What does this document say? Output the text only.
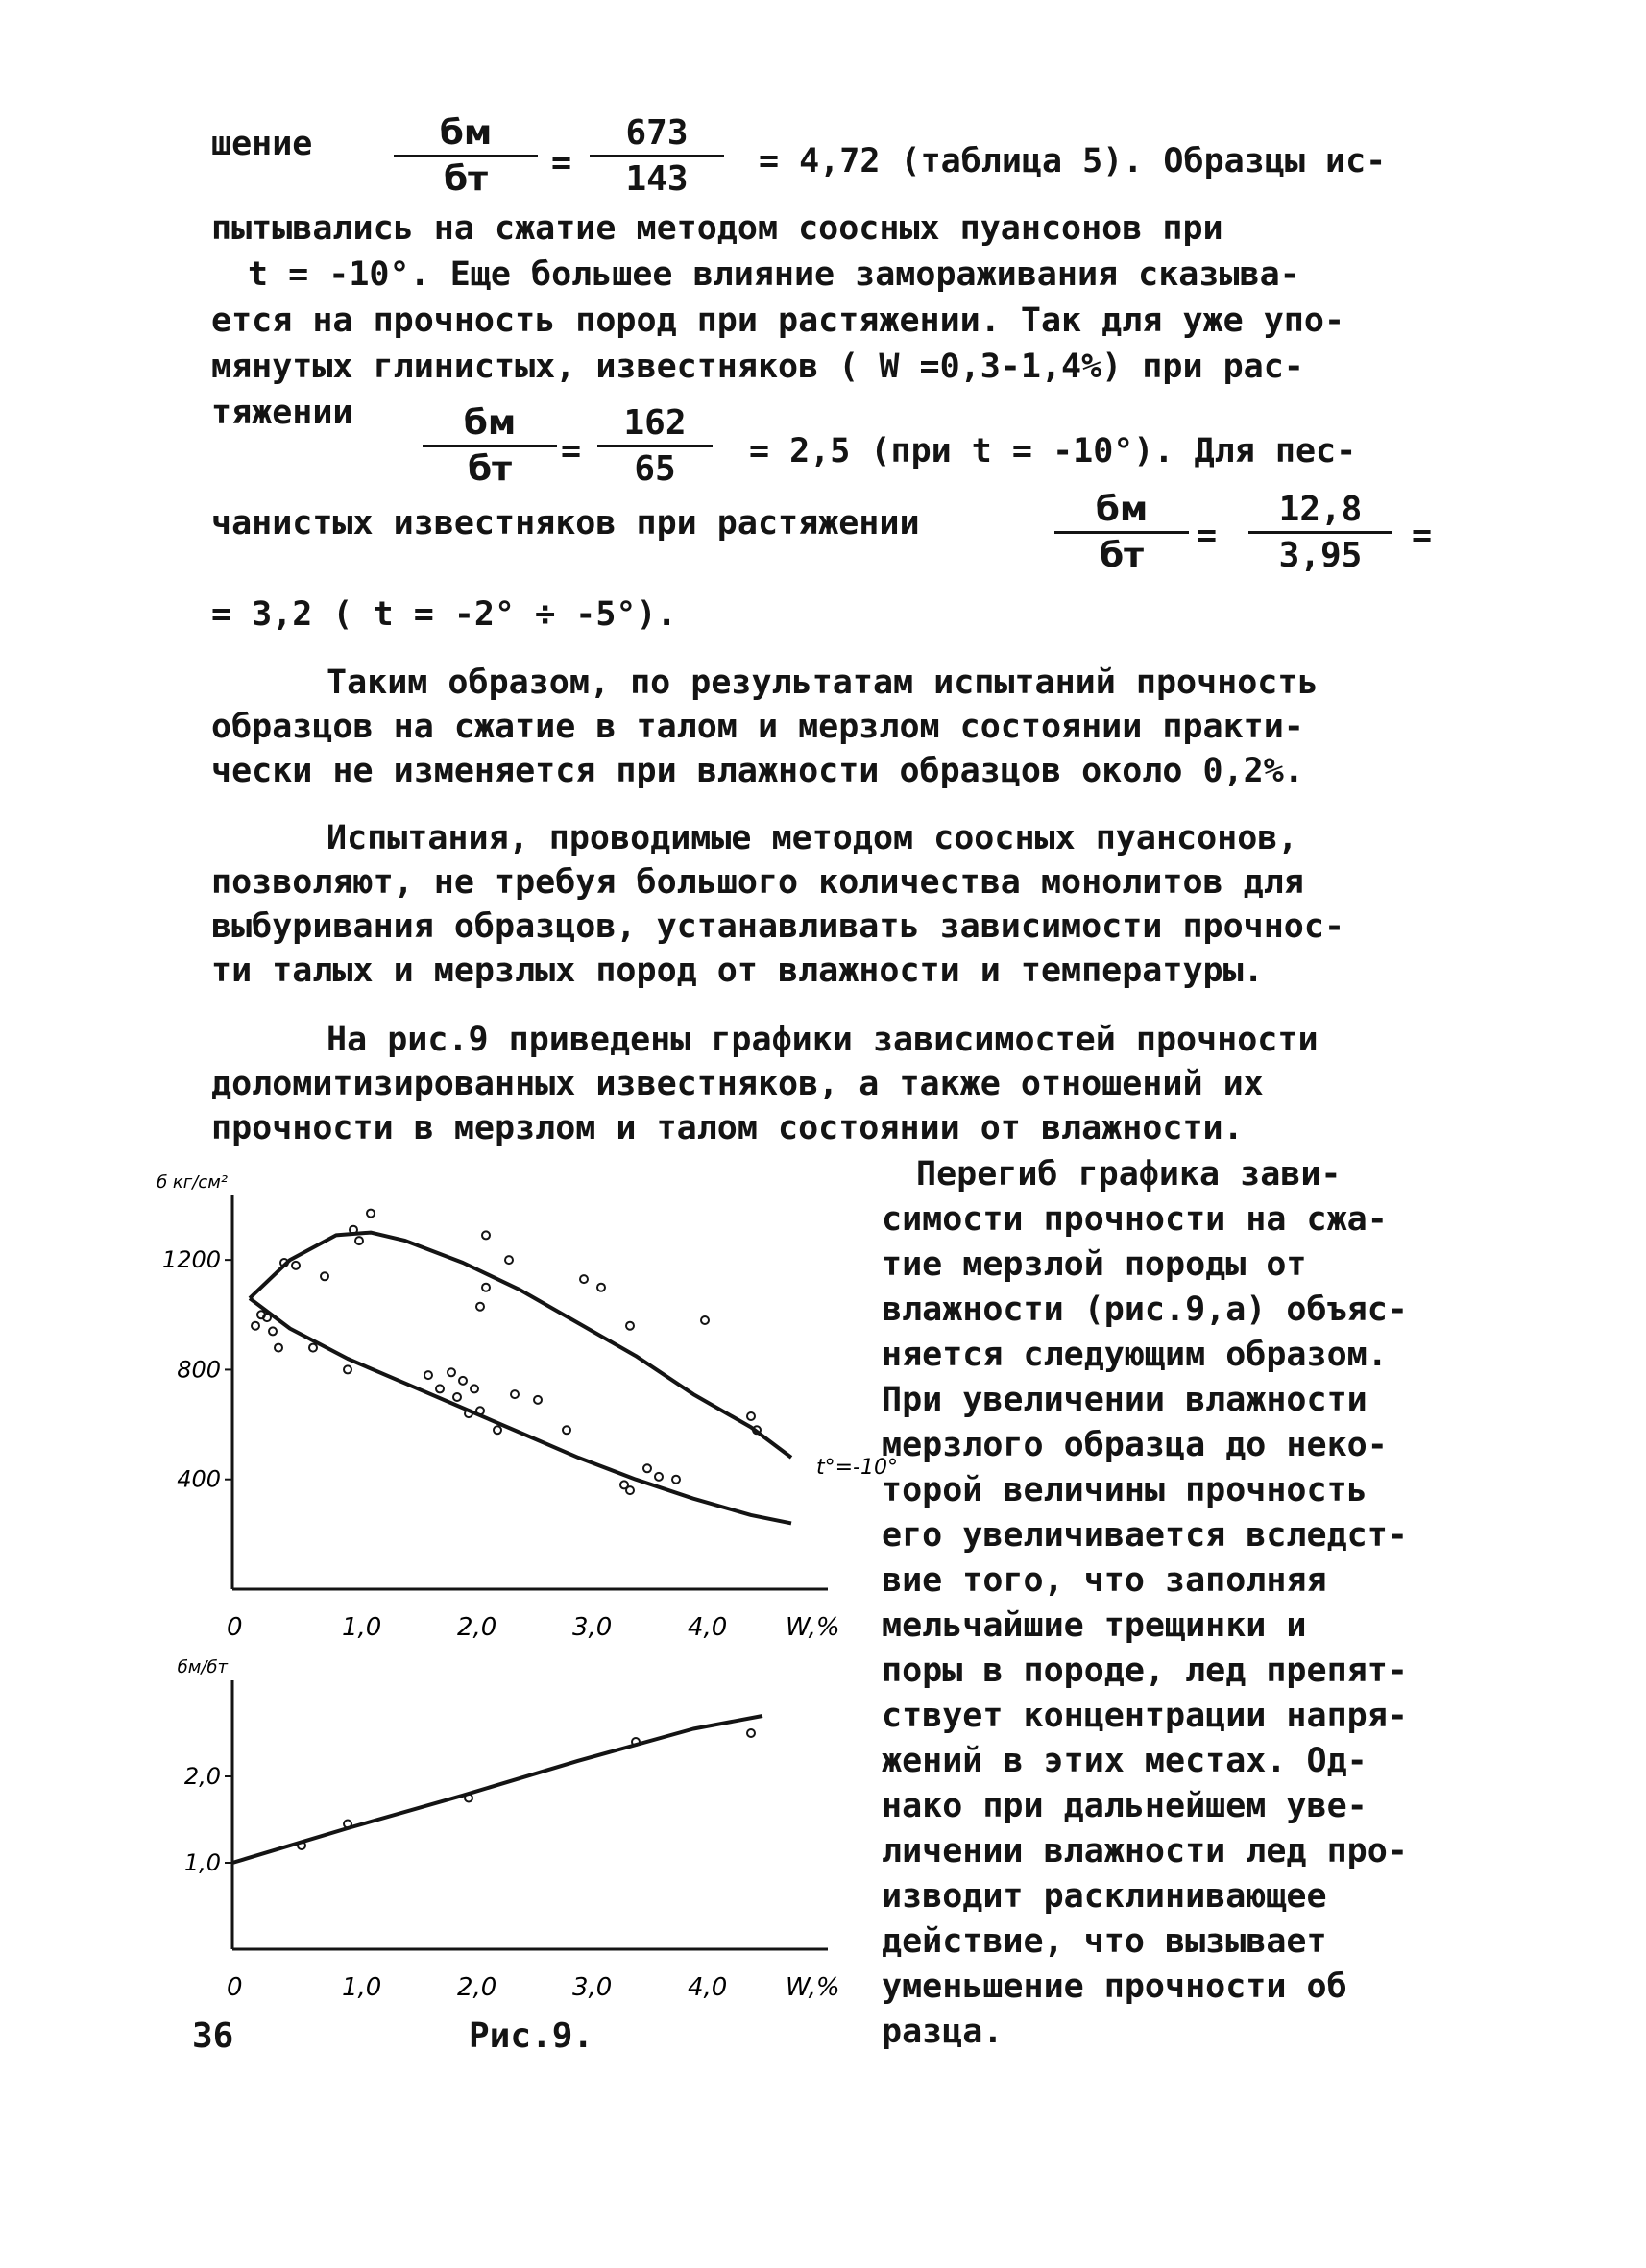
шение	бм
бт	= $\frac{673}{143} = 4,72$ (таблица 5). Образцы ис-
пытывались на сжатие методом соосных пуансонов при
t = -10°. Еще большее влияние замораживания сказыва-
ется на прочность пород при растяжении. Так для уже упо-
мянутых глинистых, известняков ( W =0,3-1,4%) при рас-
тяжении	бм
бт	= $\frac{162}{65} = 2,5$ (при t = -10°). Для пес-
чанистых известняков при растяжении	бм
бт	= $\frac{12,8}{3,95}$ =
= 3,2 ( t = -2° ÷ -5°).
Таким образом, по результатам испытаний прочность
образцов на сжатие в талом и мерзлом состоянии практи-
чески не изменяется при влажности образцов около 0,2%.
Испытания, проводимые методом соосных пуансонов,
позволяют, не требуя большого количества монолитов для
выбуривания образцов, устанавливать зависимости прочнос-
ти талых и мерзлых пород от влажности и температуры.
На рис.9 приведены графики зависимостей прочности
доломитизированных известняков, а также отношений их
прочности в мерзлом и талом состоянии от влажности.
Перегиб графика зави-
симости прочности на сжа-
тие мерзлой породы от
влажности (рис.9,а) объяс-
няется следующим образом.
При увеличении влажности
мерзлого образца до неко-
торой величины прочность
его увеличивается вследст-
вие того, что заполняя
мельчайшие трещинки и
поры в породе, лед препят-
ствует концентрации напря-
жений в этих местах. Од-
нако при дальнейшем уве-
личении влажности лед про-
изводит расклинивающее
действие, что вызывает
уменьшение прочности об
разца.
б кг/см²
1200
800
400
0	1,0	2,0	3,0	4,0 W,%
t°=-10°
бм/бт
2,0
1,0
0	1,0	2,0	3,0	4,0 W,%
36	Рис.9.
